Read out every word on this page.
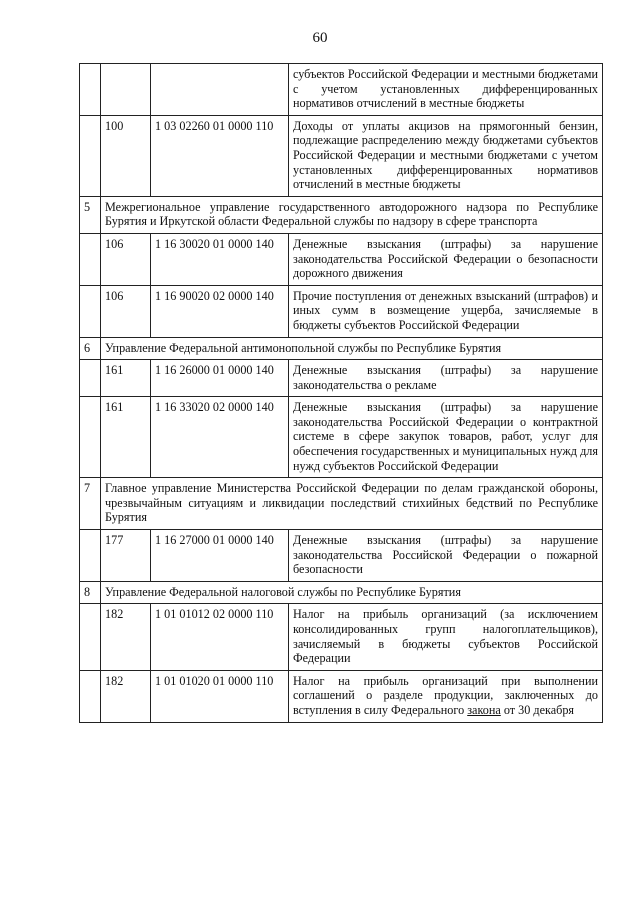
60
			субъектов Российской Федерации и местными бюджетами с учетом установленных дифференцированных нормативов отчислений в местные бюджеты
	100	1 03 02260 01 0000 110	Доходы от уплаты акцизов на прямогонный бензин, подлежащие распределению между бюджетами субъектов Российской Федерации и местными бюджетами с учетом установленных дифференцированных нормативов отчислений в местные бюджеты
5	Межрегиональное управление государственного автодорожного надзора по Республике Бурятия и Иркутской области Федеральной службы по надзору в сфере транспорта		
	106	1 16 30020 01 0000 140	Денежные взыскания (штрафы) за нарушение законодательства Российской Федерации о безопасности дорожного движения
	106	1 16 90020 02 0000 140	Прочие поступления от денежных взысканий (штрафов) и иных сумм в возмещение ущерба, зачисляемые в бюджеты субъектов Российской Федерации
6	Управление Федеральной антимонопольной службы по Республике Бурятия		
	161	1 16 26000 01 0000 140	Денежные взыскания (штрафы) за нарушение законодательства о рекламе
	161	1 16 33020 02 0000 140	Денежные взыскания (штрафы) за нарушение законодательства Российской Федерации о контрактной системе в сфере закупок товаров, работ, услуг для обеспечения государственных и муниципальных нужд для нужд субъектов Российской Федерации
7	Главное управление Министерства Российской Федерации по делам гражданской обороны, чрезвычайным ситуациям и ликвидации последствий стихийных бедствий по Республике Бурятия		
	177	1 16 27000 01 0000 140	Денежные взыскания (штрафы) за нарушение законодательства Российской Федерации о пожарной безопасности
8	Управление Федеральной налоговой службы по Республике Бурятия		
	182	1 01 01012 02 0000 110	Налог на прибыль организаций (за исключением консолидированных групп налогоплательщиков), зачисляемый в бюджеты субъектов Российской Федерации
	182	1 01 01020 01 0000 110	Налог на прибыль организаций при выполнении соглашений о разделе продукции, заключенных до вступления в силу Федерального закона от 30 декабря
